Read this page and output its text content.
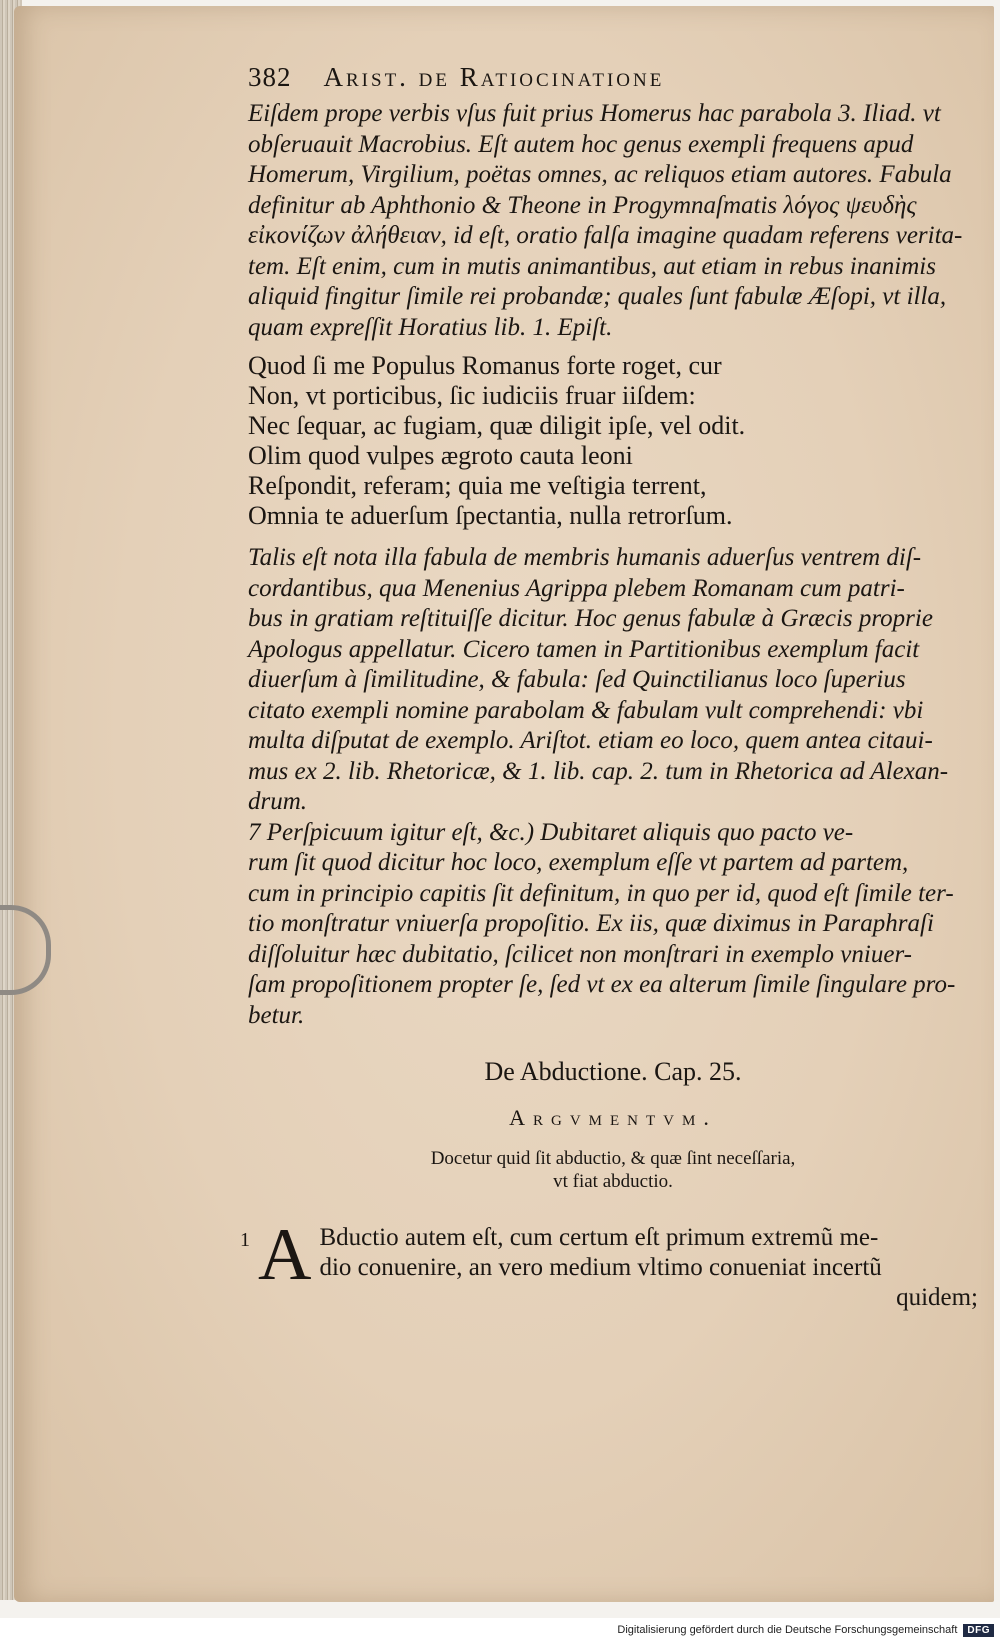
382 Arist. de Ratiocinatione

Eiſdem prope verbis vſus fuit prius Homerus hac parabola 3. Iliad. vt

obſeruauit Macrobius. Eſt autem hoc genus exempli frequens apud

Homerum, Virgilium, poëtas omnes, ac reliquos etiam autores. Fabula

definitur ab Aphthonio & Theone in Progymnaſmatis λόγος ψευδὴς

εἰκονίζων ἀλήθειαν, id eſt, oratio falſa imagine quadam referens verita-

tem. Eſt enim, cum in mutis animantibus, aut etiam in rebus inanimis

aliquid fingitur ſimile rei probandæ; quales ſunt fabulæ Æſopi, vt illa,

quam expreſſit Horatius lib. 1. Epiſt.

Quod ſi me Populus Romanus forte roget, cur
Non, vt porticibus, ſic iudiciis fruar iiſdem:
Nec ſequar, ac fugiam, quæ diligit ipſe, vel odit.
Olim quod vulpes ægroto cauta leoni
Reſpondit, referam; quia me veſtigia terrent,
Omnia te aduerſum ſpectantia, nulla retrorſum.

Talis eſt nota illa fabula de membris humanis aduerſus ventrem diſ-

cordantibus, qua Menenius Agrippa plebem Romanam cum patri-

bus in gratiam reſtituiſſe dicitur. Hoc genus fabulæ à Græcis proprie

Apologus appellatur. Cicero tamen in Partitionibus exemplum facit

diuerſum à ſimilitudine, & fabula: ſed Quinctilianus loco ſuperius

citato exempli nomine parabolam & fabulam vult comprehendi: vbi

multa diſputat de exemplo. Ariſtot. etiam eo loco, quem antea citaui-

mus ex 2. lib. Rhetoricæ, & 1. lib. cap. 2. tum in Rhetorica ad Alexan-

drum.

7 Perſpicuum igitur eſt, &c.) Dubitaret aliquis quo pacto ve-

rum ſit quod dicitur hoc loco, exemplum eſſe vt partem ad partem,

cum in principio capitis ſit definitum, in quo per id, quod eſt ſimile ter-

tio monſtratur vniuerſa propoſitio. Ex iis, quæ diximus in Paraphraſi

diſſoluitur hæc dubitatio, ſcilicet non monſtrari in exemplo vniuer-

ſam propoſitionem propter ſe, ſed vt ex ea alterum ſimile ſingulare pro-

betur.

De Abductione. Cap. 25.
Argvmentvm.
Docetur quid ſit abductio, & quæ ſint neceſſaria,
vt fiat abductio.
1 A Bductio autem eſt, cum certum eſt primum extremũ me-
dio conuenire, an vero medium vltimo conueniat incertũ
quidem;
Digitalisierung gefördert durch die Deutsche Forschungsgemeinschaft	DFG
